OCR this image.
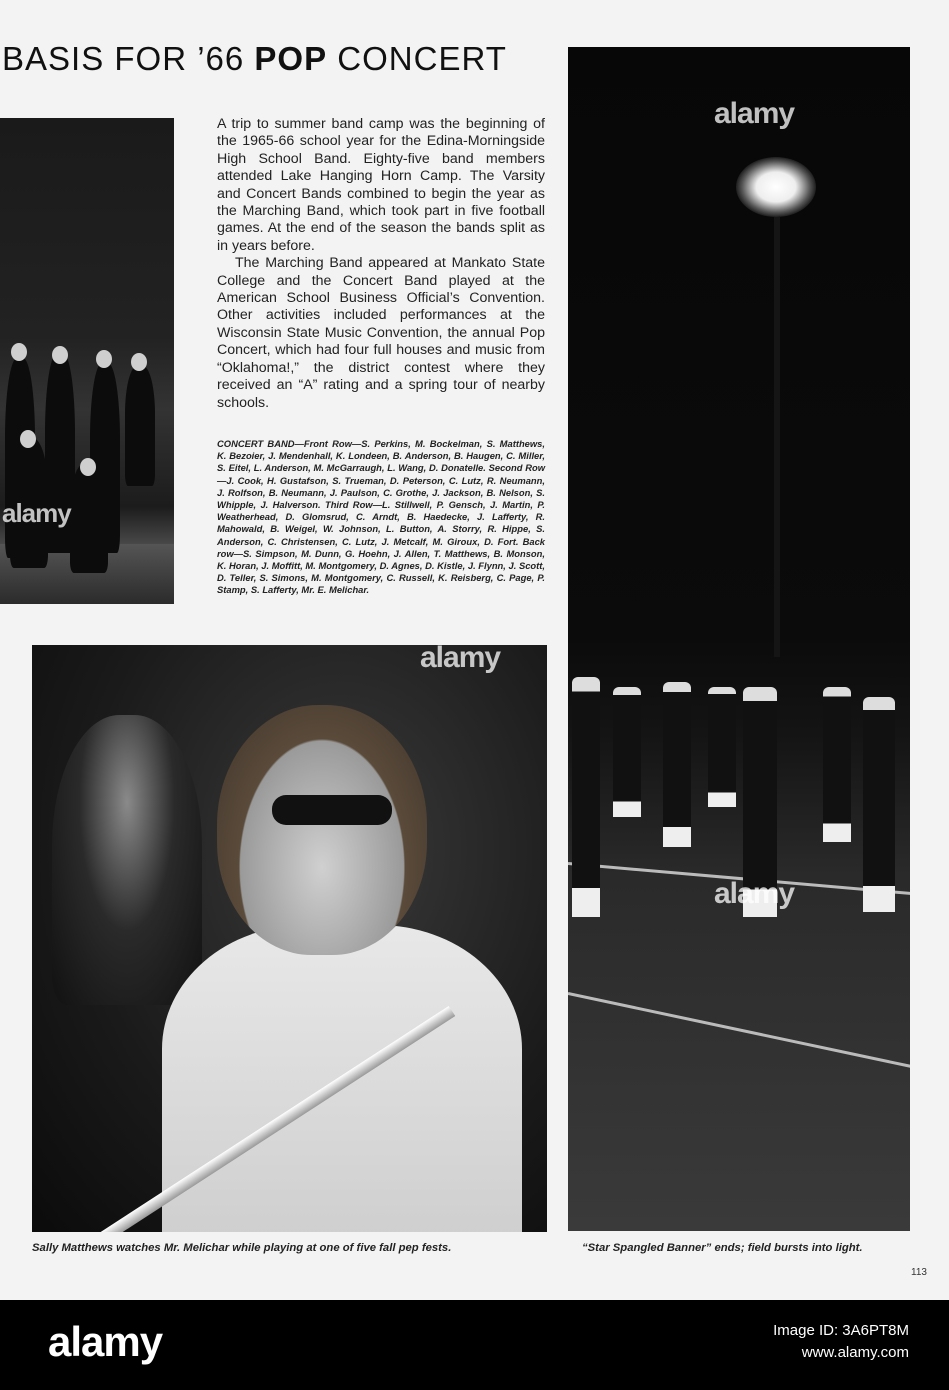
BASIS FOR ’66 POP CONCERT
alamy

A trip to summer band camp was the beginning of the 1965-66 school year for the Edina-Morningside High School Band. Eighty-five band members attended Lake Hanging Horn Camp. The Varsity and Concert Bands combined to begin the year as the Marching Band, which took part in five football games. At the end of the season the bands split as in years before.

The Marching Band appeared at Mankato State College and the Concert Band played at the American School Business Official’s Convention. Other activities included performances at the Wisconsin State Music Convention, the annual Pop Concert, which had four full houses and music from “Oklahoma!,” the district contest where they received an “A” rating and a spring tour of nearby schools.

CONCERT BAND—Front Row—S. Perkins, M. Bockelman, S. Matthews, K. Bezoier, J. Mendenhall, K. Londeen, B. Anderson, B. Haugen, C. Miller, S. Eitel, L. Anderson, M. McGarraugh, L. Wang, D. Donatelle. Second Row—J. Cook, H. Gustafson, S. Trueman, D. Peterson, C. Lutz, R. Neumann, J. Rolfson, B. Neumann, J. Paulson, C. Grothe, J. Jackson, B. Nelson, S. Whipple, J. Halverson. Third Row—L. Stillwell, P. Gensch, J. Martin, P. Weatherhead, D. Glomsrud, C. Arndt, B. Haedecke, J. Lafferty, R. Mahowald, B. Weigel, W. Johnson, L. Button, A. Storry, R. Hippe, S. Anderson, C. Christensen, C. Lutz, J. Metcalf, M. Giroux, D. Fort. Back row—S. Simpson, M. Dunn, G. Hoehn, J. Allen, T. Matthews, B. Monson, K. Horan, J. Moffitt, M. Montgomery, D. Agnes, D. Kistle, J. Flynn, J. Scott, D. Teller, S. Simons, M. Montgomery, C. Russell, K. Reisberg, C. Page, P. Stamp, S. Lafferty, Mr. E. Melichar.
alamy
alamy
alamy
Sally Matthews watches Mr. Melichar while playing at one of five fall pep fests.	“Star Spangled Banner” ends; field bursts into light.
113
alamy	Image ID: 3A6PT8M
www.alamy.com
